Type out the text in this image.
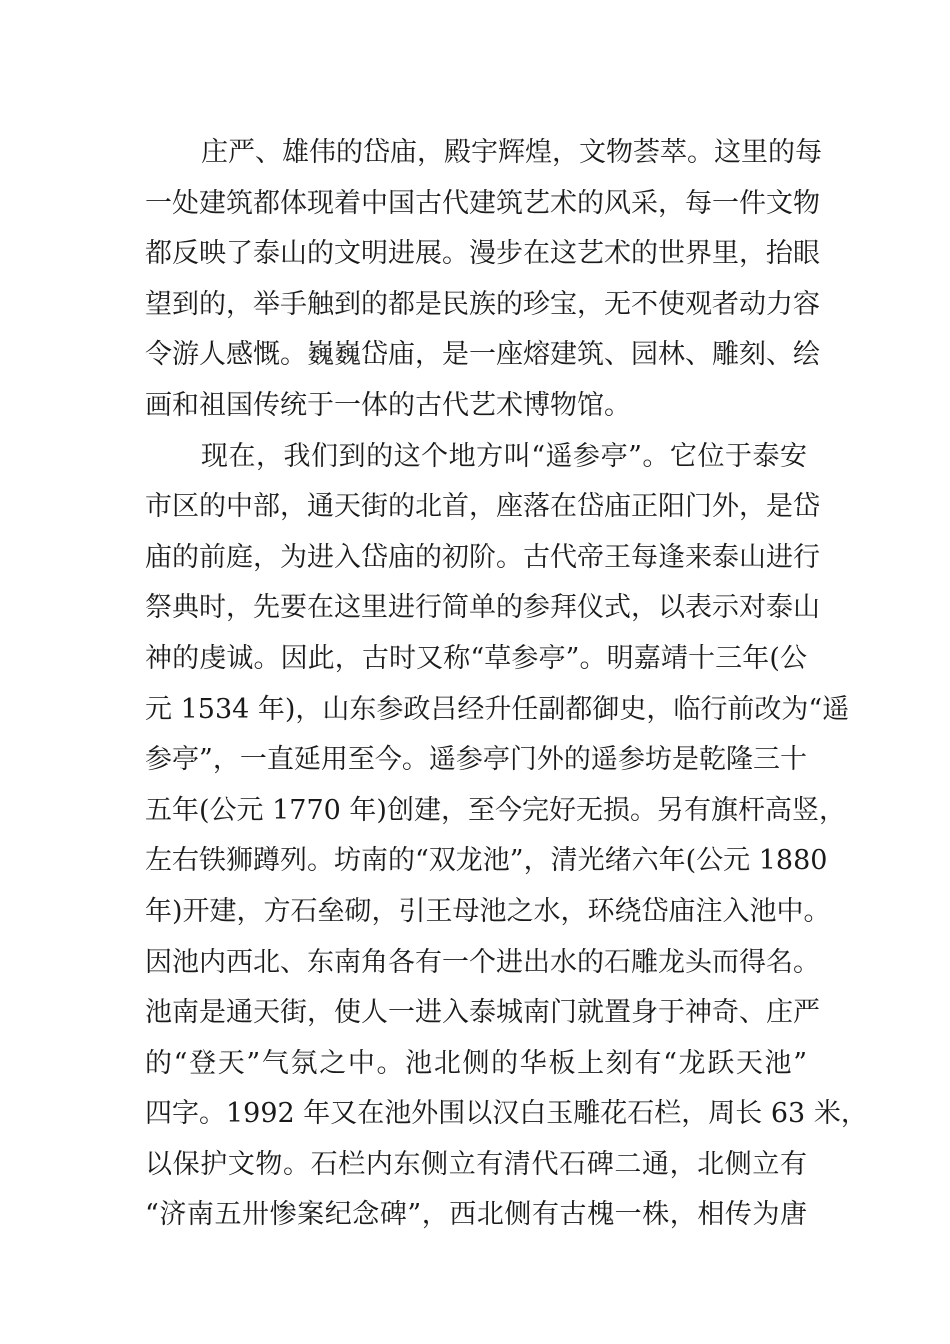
庄严、雄伟的岱庙，殿宇辉煌，文物荟萃。这里的每
一处建筑都体现着中国古代建筑艺术的风采，每一件文物
都反映了泰山的文明进展。漫步在这艺术的世界里，抬眼
望到的，举手触到的都是民族的珍宝，无不使观者动力容
令游人感慨。巍巍岱庙，是一座熔建筑、园林、雕刻、绘
画和祖国传统于一体的古代艺术博物馆。
现在，我们到的这个地方叫“遥参亭”。它位于泰安
市区的中部，通天街的北首，座落在岱庙正阳门外，是岱
庙的前庭，为进入岱庙的初阶。古代帝王每逢来泰山进行
祭典时，先要在这里进行简单的参拜仪式，以表示对泰山
神的虔诚。因此，古时又称“草参亭”。明嘉靖十三年(公
元 1534 年)，山东参政吕经升任副都御史，临行前改为“遥
参亭”，一直延用至今。遥参亭门外的遥参坊是乾隆三十
五年(公元 1770 年)创建，至今完好无损。另有旗杆高竖，
左右铁狮蹲列。坊南的“双龙池”，清光绪六年(公元 1880
年)开建，方石垒砌，引王母池之水，环绕岱庙注入池中。
因池内西北、东南角各有一个进出水的石雕龙头而得名。
池南是通天街，使人一进入泰城南门就置身于神奇、庄严
的“登天”气氛之中。池北侧的华板上刻有“龙跃天池”
四字。1992 年又在池外围以汉白玉雕花石栏，周长 63 米，
以保护文物。石栏内东侧立有清代石碑二通，北侧立有
“济南五卅惨案纪念碑”，西北侧有古槐一株，相传为唐
